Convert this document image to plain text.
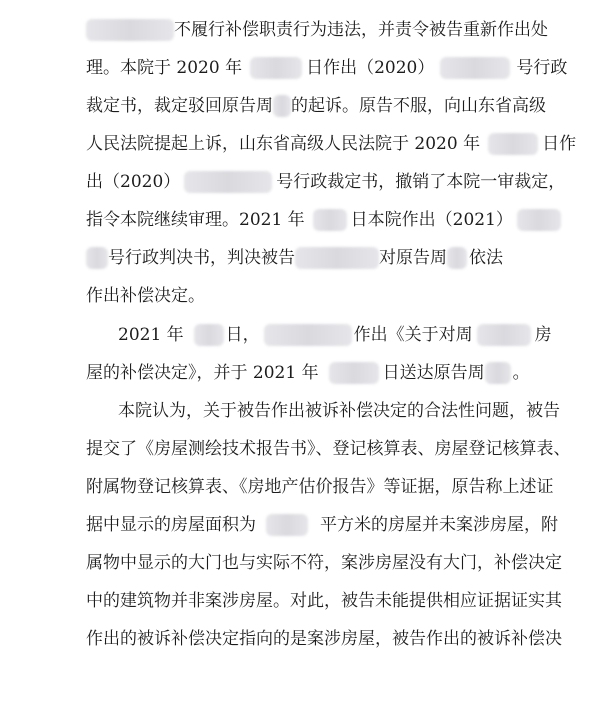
不履行补偿职责行为违法，并责令被告重新作出处
理。本院于 2020 年	日作出（2020）	号行政
裁定书，裁定驳回原告周 的起诉。原告不服，向山东省高级
人民法院提起上诉，山东省高级人民法院于 2020 年	日作
出（2020）	号行政裁定书，撤销了本院一审裁定，
指令本院继续审理。2021 年	日本院作出（2021）
号行政判决书，判决被告	对原告周 依法
作出补偿决定。
2021 年 日，	作出《关于对周	房
屋的补偿决定》，并于 2021 年	日送达原告周 。
本院认为，关于被告作出被诉补偿决定的合法性问题，被告
提交了《房屋测绘技术报告书》、登记核算表、房屋登记核算表、
附属物登记核算表、《房地产估价报告》等证据，原告称上述证
据中显示的房屋面积为	平方米的房屋并未案涉房屋，附
属物中显示的大门也与实际不符，案涉房屋没有大门，补偿决定
中的建筑物并非案涉房屋。对此，被告未能提供相应证据证实其
作出的被诉补偿决定指向的是案涉房屋，被告作出的被诉补偿决
